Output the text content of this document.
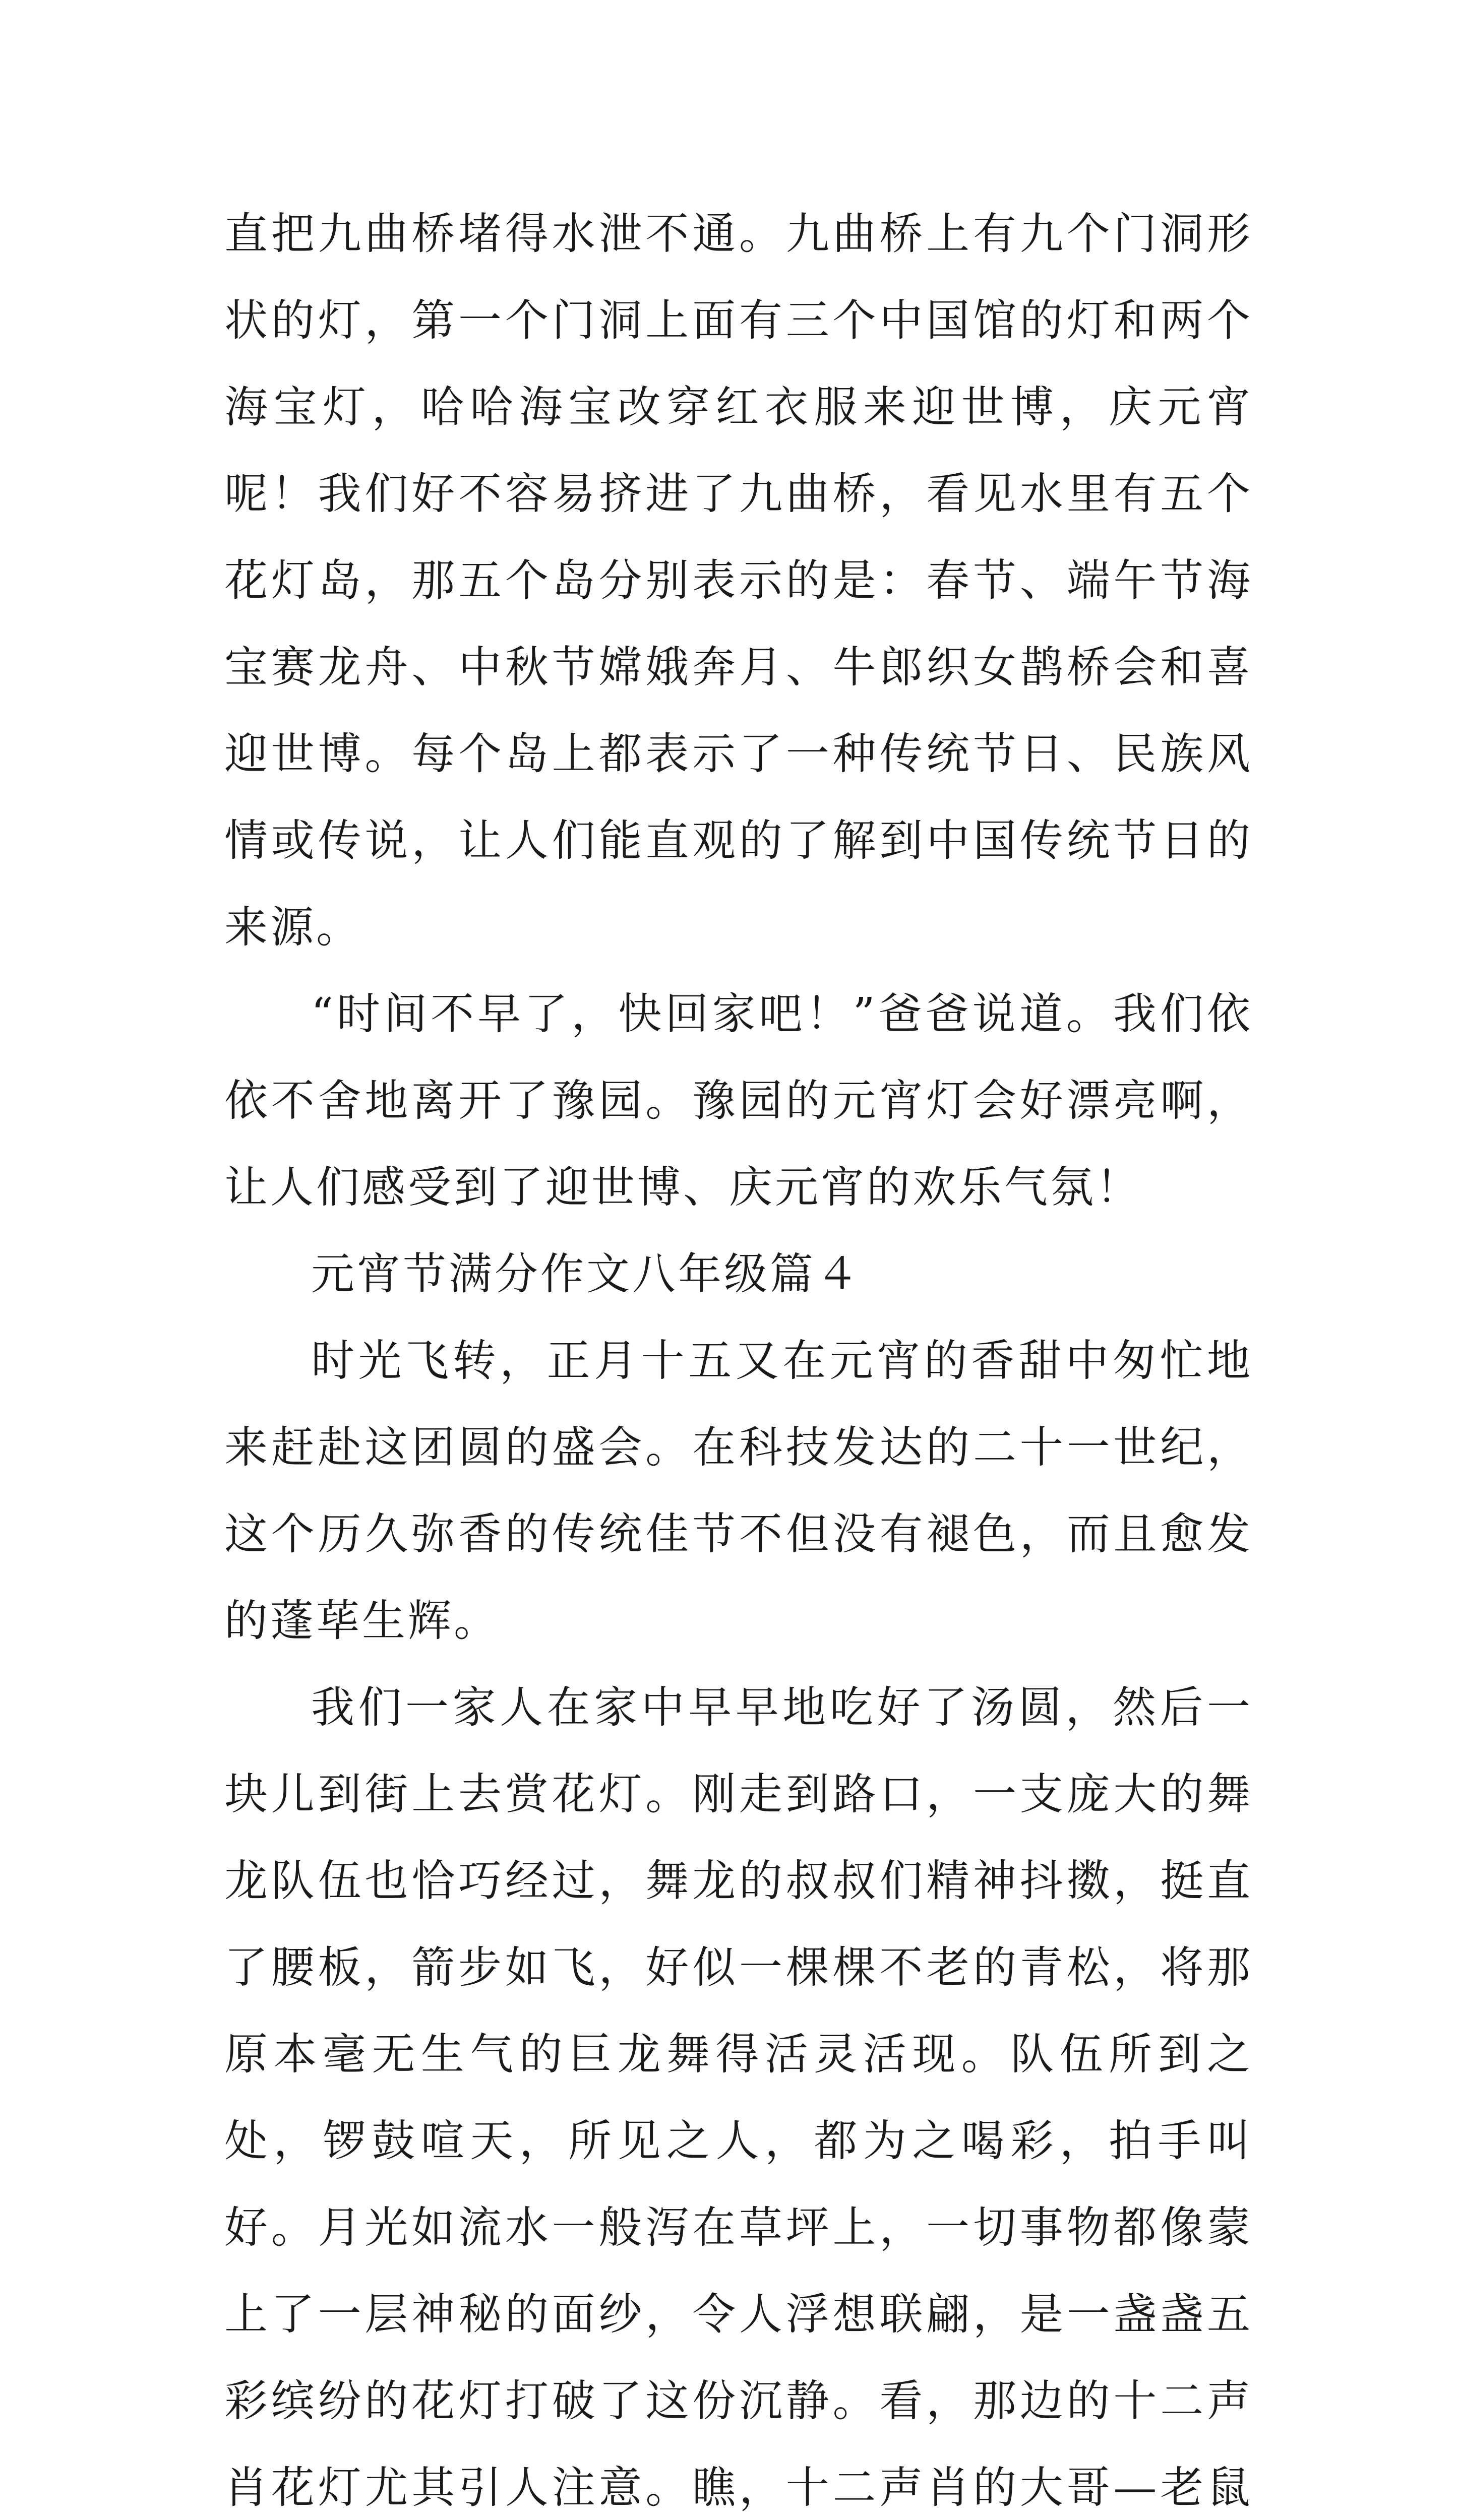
直把九曲桥堵得水泄不通。九曲桥上有九个门洞形状的灯，第一个门洞上面有三个中国馆的灯和两个海宝灯，哈哈海宝改穿红衣服来迎世博，庆元宵呢！我们好不容易挤进了九曲桥，看见水里有五个花灯岛，那五个岛分别表示的是：春节、端午节海宝赛龙舟、中秋节嫦娥奔月、牛郎织女鹊桥会和喜迎世博。每个岛上都表示了一种传统节日、民族风情或传说，让人们能直观的了解到中国传统节日的来源。

“时间不早了，快回家吧！”爸爸说道。我们依依不舍地离开了豫园。豫园的元宵灯会好漂亮啊，让人们感受到了迎世博、庆元宵的欢乐气氛！

元宵节满分作文八年级篇４

时光飞转，正月十五又在元宵的香甜中匆忙地来赶赴这团圆的盛会。在科技发达的二十一世纪，这个历久弥香的传统佳节不但没有褪色，而且愈发的蓬荜生辉。

我们一家人在家中早早地吃好了汤圆，然后一块儿到街上去赏花灯。刚走到路口，一支庞大的舞龙队伍也恰巧经过，舞龙的叔叔们精神抖擞，挺直了腰板，箭步如飞，好似一棵棵不老的青松，将那原本毫无生气的巨龙舞得活灵活现。队伍所到之处，锣鼓喧天，所见之人，都为之喝彩，拍手叫好。月光如流水一般泻在草坪上，一切事物都像蒙上了一层神秘的面纱，令人浮想联翩，是一盏盏五彩缤纷的花灯打破了这份沉静。看，那边的十二声肖花灯尤其引人注意。瞧，十二声肖的大哥—老鼠
